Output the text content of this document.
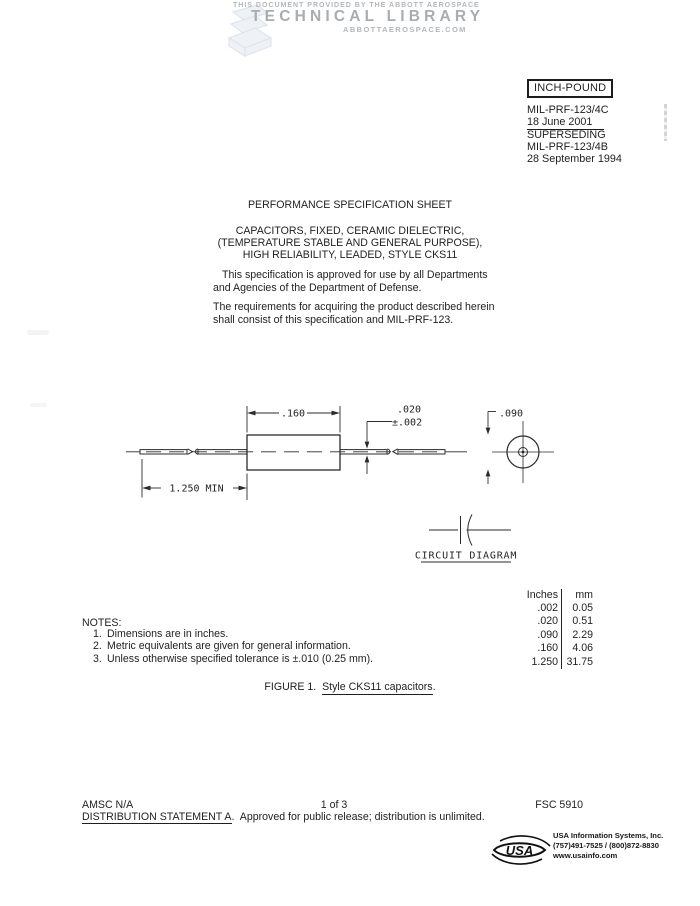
THIS DOCUMENT PROVIDED BY THE ABBOTT AEROSPACE
TECHNICAL LIBRARY
ABBOTTAEROSPACE.COM
INCH-POUND
MIL-PRF-123/4C
18 June 2001
SUPERSEDING
MIL-PRF-123/4B
28 September 1994
PERFORMANCE SPECIFICATION SHEET
CAPACITORS, FIXED, CERAMIC DIELECTRIC,
(TEMPERATURE STABLE AND GENERAL PURPOSE),
HIGH RELIABILITY, LEADED, STYLE CKS11
This specification is approved for use by all Departments
and Agencies of the Department of Defense.
The requirements for acquiring the product described herein
shall consist of this specification and MIL-PRF-123.
.160	.020
±.002
.090
1.250 MIN
CIRCUIT DIAGRAM
Inches	mm
.002	0.05
.020	0.51
.090	2.29
.160	4.06
1.250 31.75
NOTES:
1. Dimensions are in inches.
2. Metric equivalents are given for general information.
3. Unless otherwise specified tolerance is ±.010 (0.25 mm).
FIGURE 1.  Style CKS11 capacitors.
AMSC N/A	1 of 3	FSC 5910
DISTRIBUTION STATEMENT A.  Approved for public release; distribution is unlimited.
USA
USA Information Systems, Inc.
(757)491-7525 / (800)872-8830
www.usainfo.com
